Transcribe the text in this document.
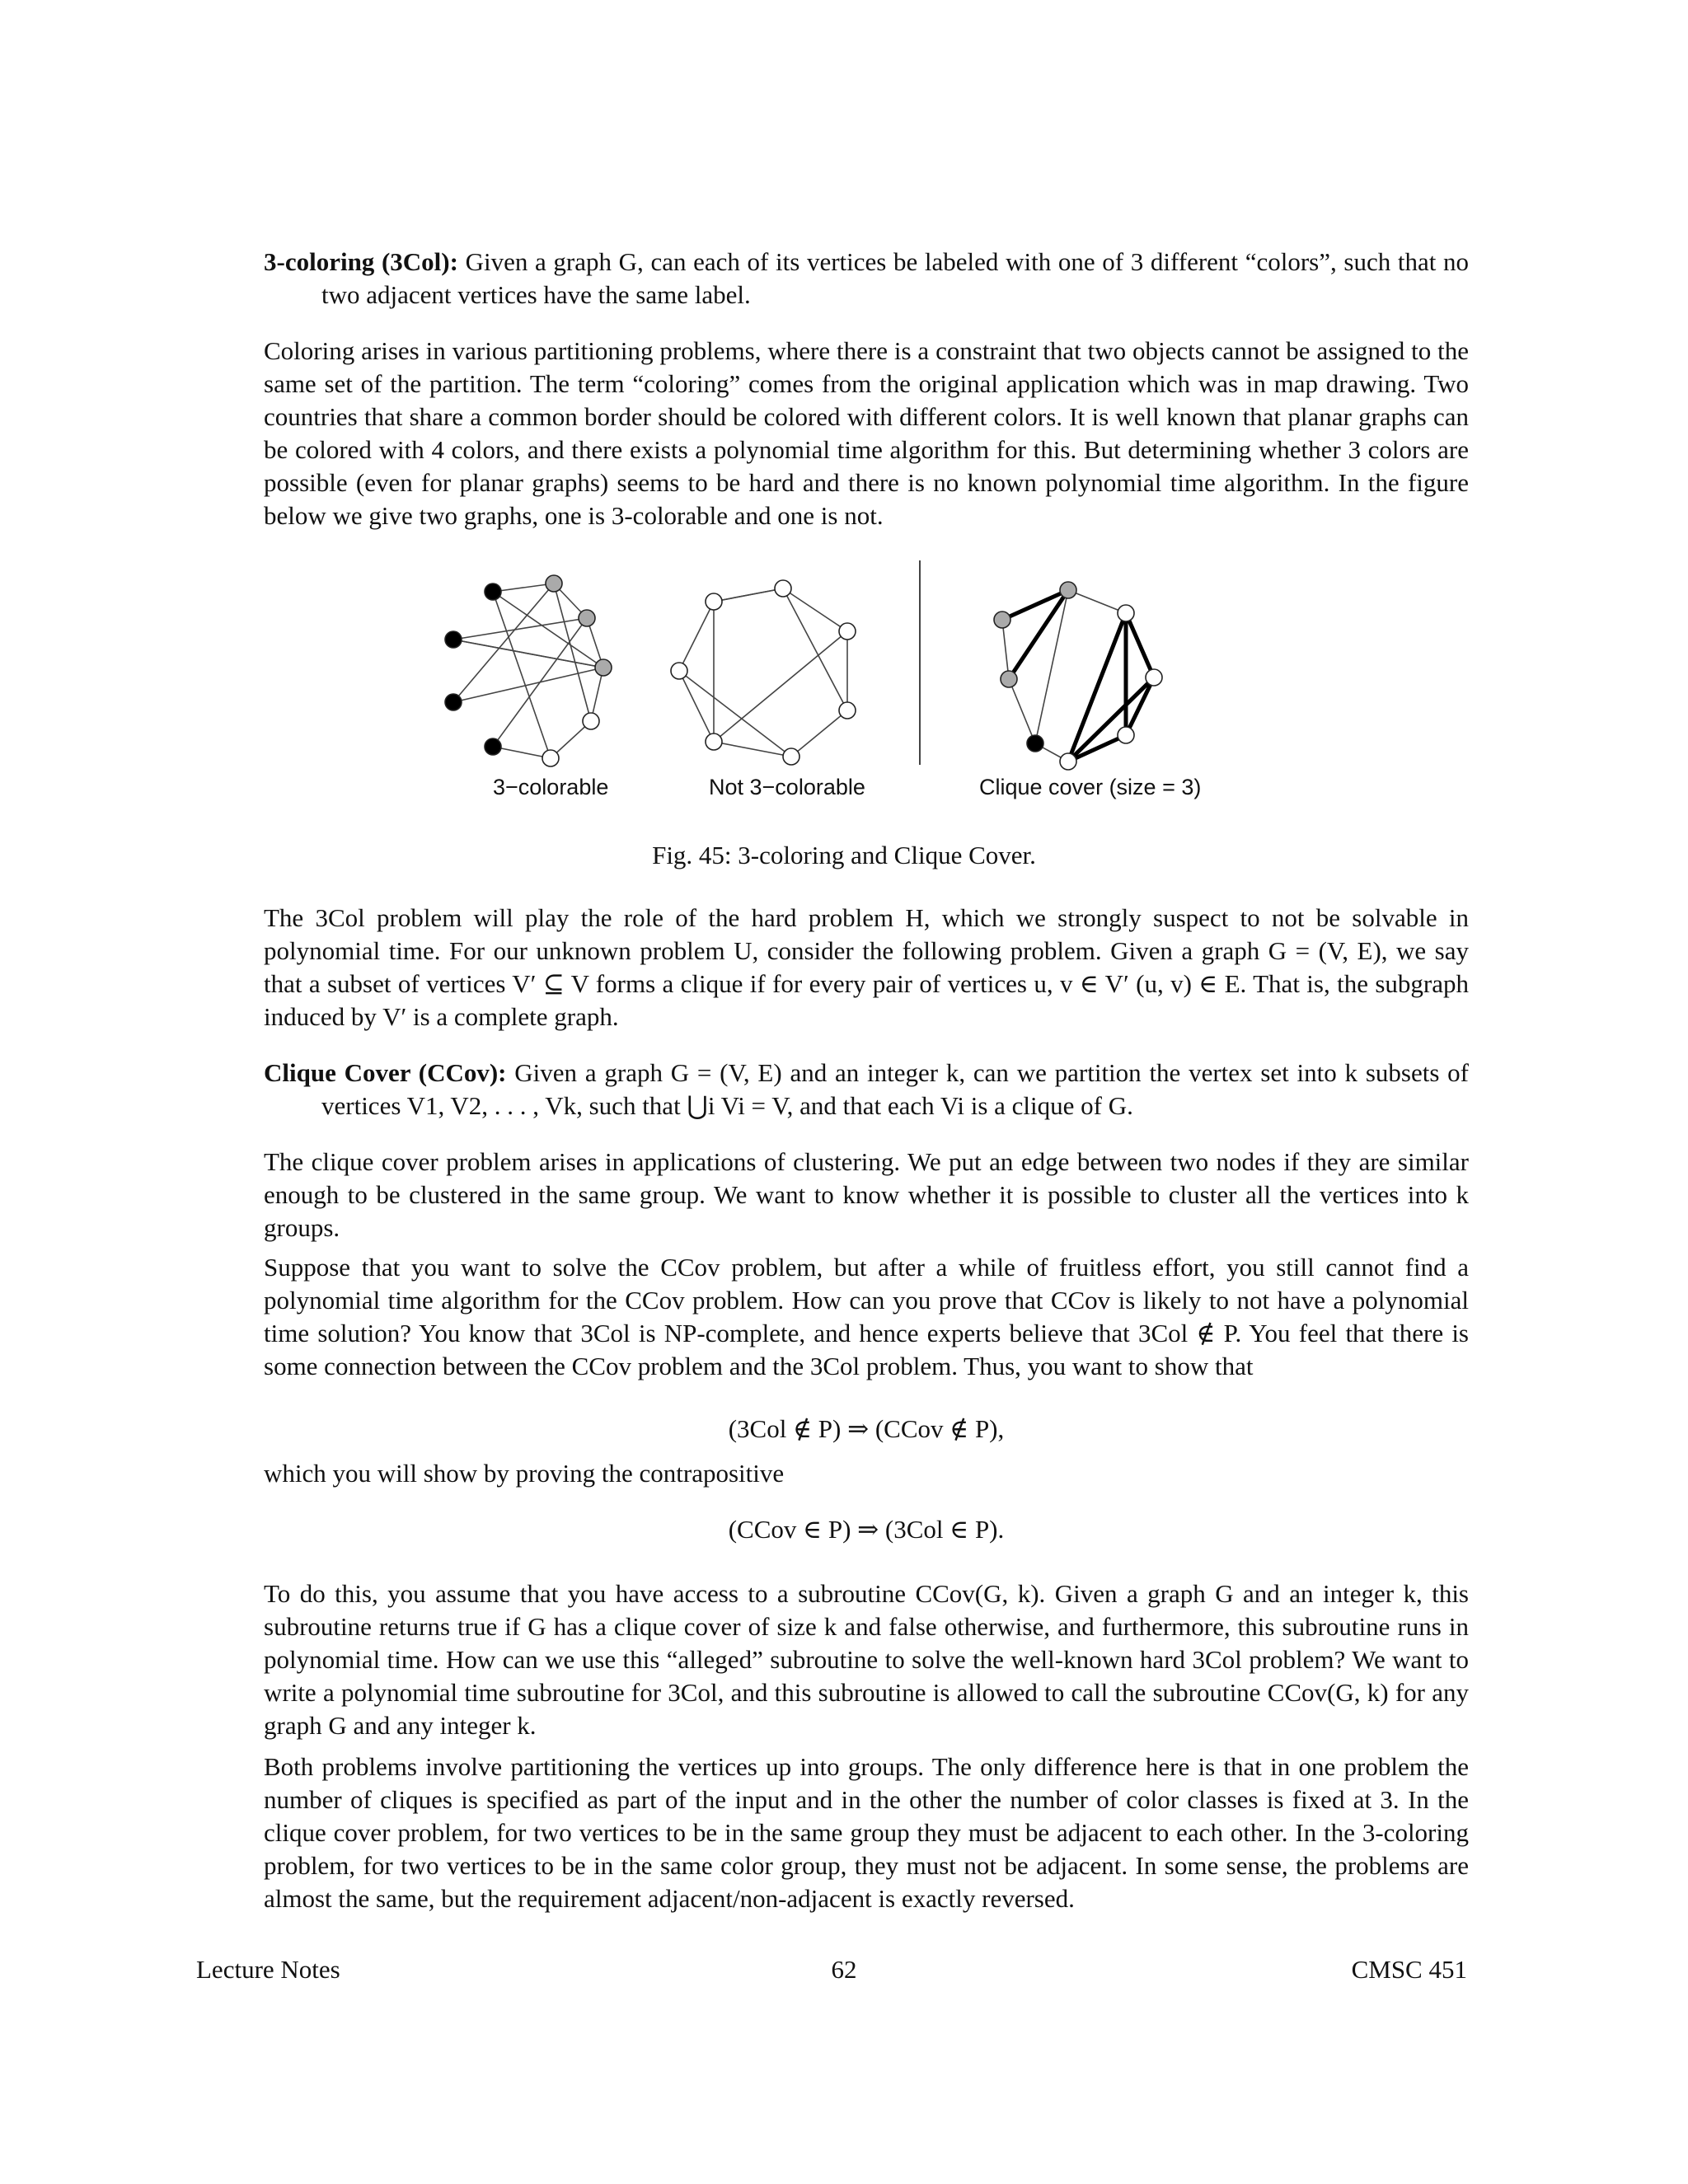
3-coloring (3Col): Given a graph G, can each of its vertices be labeled with one of 3 different “colors”, such that no two adjacent vertices have the same label.

Coloring arises in various partitioning problems, where there is a constraint that two objects cannot be assigned to the same set of the partition. The term “coloring” comes from the original application which was in map drawing. Two countries that share a common border should be colored with different colors. It is well known that planar graphs can be colored with 4 colors, and there exists a polynomial time algorithm for this. But determining whether 3 colors are possible (even for planar graphs) seems to be hard and there is no known polynomial time algorithm. In the figure below we give two graphs, one is 3-colorable and one is not.

3−colorable	Not 3−colorable	Clique cover (size = 3)
Fig. 45: 3-coloring and Clique Cover.

The 3Col problem will play the role of the hard problem H, which we strongly suspect to not be solvable in polynomial time. For our unknown problem U, consider the following problem. Given a graph G = (V, E), we say that a subset of vertices V′ ⊆ V forms a clique if for every pair of vertices u, v ∈ V′ (u, v) ∈ E. That is, the subgraph induced by V′ is a complete graph.

Clique Cover (CCov): Given a graph G = (V, E) and an integer k, can we partition the vertex set into k subsets of vertices V1, V2, . . . , Vk, such that ⋃i Vi = V, and that each Vi is a clique of G.

The clique cover problem arises in applications of clustering. We put an edge between two nodes if they are similar enough to be clustered in the same group. We want to know whether it is possible to cluster all the vertices into k groups.

Suppose that you want to solve the CCov problem, but after a while of fruitless effort, you still cannot find a polynomial time algorithm for the CCov problem. How can you prove that CCov is likely to not have a polynomial time solution? You know that 3Col is NP-complete, and hence experts believe that 3Col ∉ P. You feel that there is some connection between the CCov problem and the 3Col problem. Thus, you want to show that

(3Col ∉ P) ⇒ (CCov ∉ P),
which you will show by proving the contrapositive
(CCov ∈ P) ⇒ (3Col ∈ P).

To do this, you assume that you have access to a subroutine CCov(G, k). Given a graph G and an integer k, this subroutine returns true if G has a clique cover of size k and false otherwise, and furthermore, this subroutine runs in polynomial time. How can we use this “alleged” subroutine to solve the well-known hard 3Col problem? We want to write a polynomial time subroutine for 3Col, and this subroutine is allowed to call the subroutine CCov(G, k) for any graph G and any integer k.

Both problems involve partitioning the vertices up into groups. The only difference here is that in one problem the number of cliques is specified as part of the input and in the other the number of color classes is fixed at 3. In the clique cover problem, for two vertices to be in the same group they must be adjacent to each other. In the 3-coloring problem, for two vertices to be in the same color group, they must not be adjacent. In some sense, the problems are almost the same, but the requirement adjacent/non-adjacent is exactly reversed.

Lecture Notes	62	CMSC 451
